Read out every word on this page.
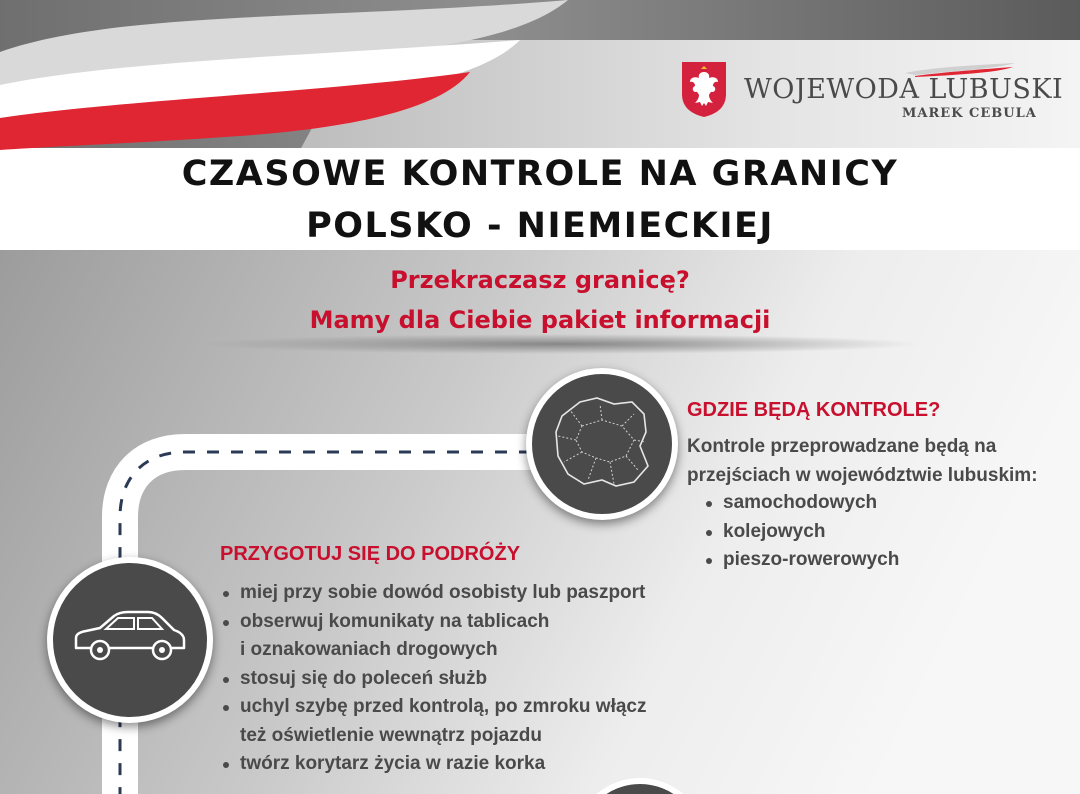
WOJEWODA LUBUSKI
MAREK CEBULA
CZASOWE KONTROLE NA GRANICY
POLSKO - NIEMIECKIEJ
Przekraczasz granicę?
Mamy dla Ciebie pakiet informacji
GDZIE BĘDĄ KONTROLE?
Kontrole przeprowadzane będą na
przejściach w województwie lubuskim:
samochodowych
kolejowych
pieszo-rowerowych
PRZYGOTUJ SIĘ DO PODRÓŻY
miej przy sobie dowód osobisty lub paszport
obserwuj komunikaty na tablicach
i oznakowaniach drogowych
stosuj się do poleceń służb
uchyl szybę przed kontrolą, po zmroku włącz
też oświetlenie wewnątrz pojazdu
twórz korytarz życia w razie korka
